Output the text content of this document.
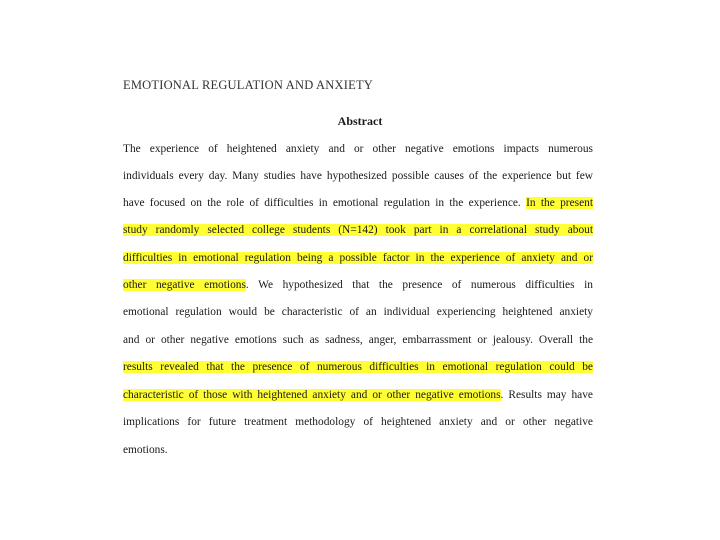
EMOTIONAL REGULATION AND ANXIETY
Abstract
The experience of heightened anxiety and or other negative emotions impacts numerous
individuals every day. Many studies have hypothesized possible causes of the experience but few
have focused on the role of difficulties in emotional regulation in the experience. In the present
study randomly selected college students (N=142) took part in a correlational study about
difficulties in emotional regulation being a possible factor in the experience of anxiety and or
other negative emotions. We hypothesized that the presence of numerous difficulties in
emotional regulation would be characteristic of an individual experiencing heightened anxiety
and or other negative emotions such as sadness, anger, embarrassment or jealousy. Overall the
results revealed that the presence of numerous difficulties in emotional regulation could be
characteristic of those with heightened anxiety and or other negative emotions. Results may have
implications for future treatment methodology of heightened anxiety and or other negative
emotions.
